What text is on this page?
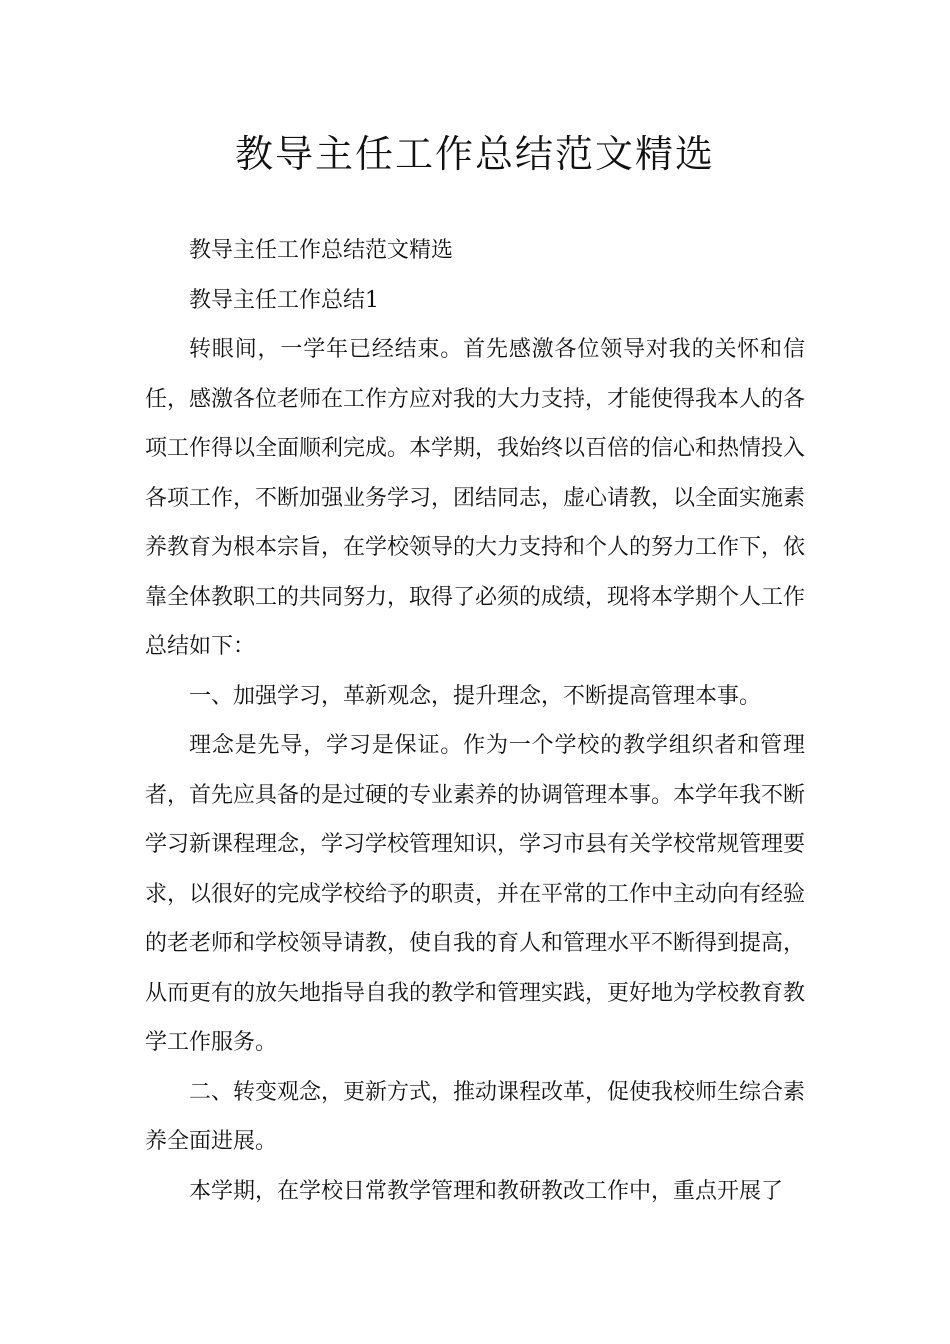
教导主任工作总结范文精选

教导主任工作总结范文精选

教导主任工作总结1

转眼间，一学年已经结束。首先感激各位领导对我的关怀和信任，感激各位老师在工作方应对我的大力支持，才能使得我本人的各项工作得以全面顺利完成。本学期，我始终以百倍的信心和热情投入各项工作，不断加强业务学习，团结同志，虚心请教，以全面实施素养教育为根本宗旨，在学校领导的大力支持和个人的努力工作下，依靠全体教职工的共同努力，取得了必须的成绩，现将本学期个人工作总结如下：

一、加强学习，革新观念，提升理念，不断提高管理本事。

理念是先导，学习是保证。作为一个学校的教学组织者和管理者，首先应具备的是过硬的专业素养的协调管理本事。本学年我不断学习新课程理念，学习学校管理知识，学习市县有关学校常规管理要求，以很好的完成学校给予的职责，并在平常的工作中主动向有经验的老老师和学校领导请教，使自我的育人和管理水平不断得到提高，从而更有的放矢地指导自我的教学和管理实践，更好地为学校教育教学工作服务。

二、转变观念，更新方式，推动课程改革，促使我校师生综合素养全面进展。

本学期，在学校日常教学管理和教研教改工作中，重点开展了
